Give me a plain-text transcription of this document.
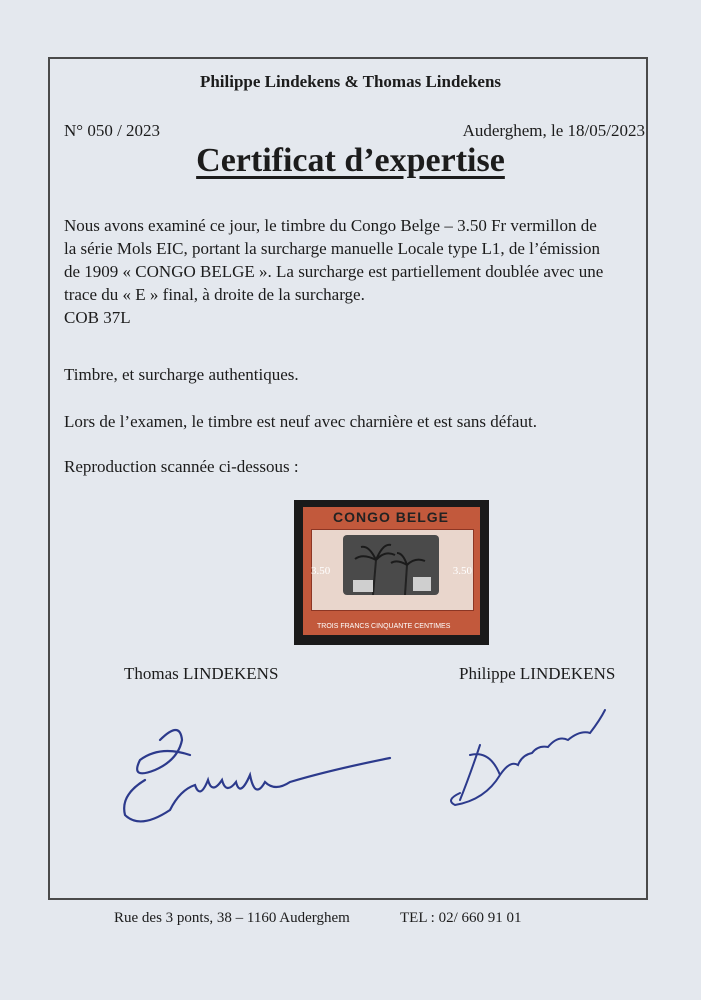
Philippe Lindekens & Thomas Lindekens
N° 050 / 2023	Auderghem, le 18/05/2023
Certificat d’expertise
Nous avons examiné ce jour, le timbre du Congo Belge – 3.50 Fr vermillon de
la série Mols EIC, portant la surcharge manuelle Locale type L1, de l’émission
de 1909 « CONGO BELGE ». La surcharge est partiellement doublée avec une
trace du « E » final, à droite de la surcharge.
COB 37L
Timbre, et surcharge authentiques.
Lors de l’examen, le timbre est neuf avec charnière et est sans défaut.
Reproduction scannée ci-dessous :
CONGO BELGE
3.50	3.50
TROIS FRANCS CINQUANTE CENTIMES
Thomas LINDEKENS	Philippe LINDEKENS
Rue des 3 ponts, 38 – 1160 Auderghem	TEL : 02/ 660 91 01
